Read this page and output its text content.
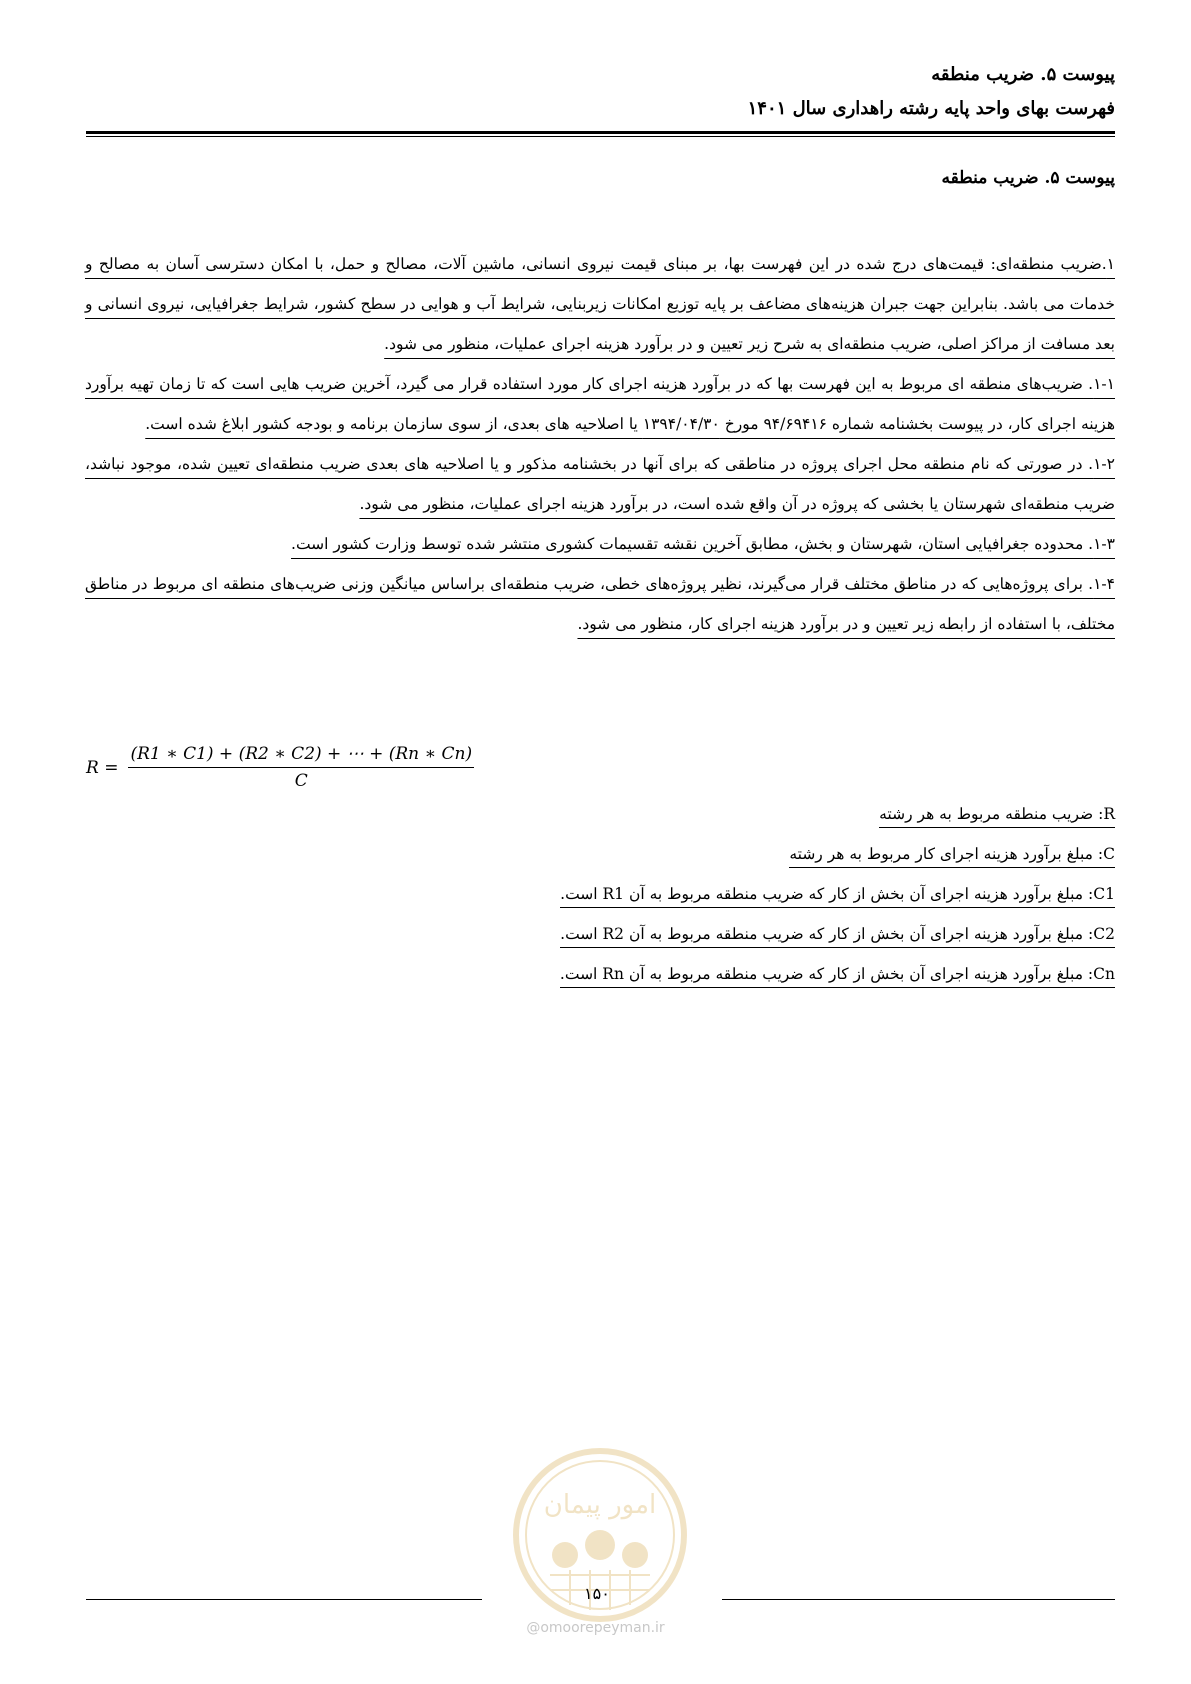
پیوست ۵. ضریب منطقه
فهرست بهای واحد پایه رشته راهداری سال ۱۴۰۱
پیوست ۵. ضریب منطقه

۱.ضریب منطقه‌ای: قیمت‌های درج شده در این فهرست بها، بر مبنای قیمت نیروی انسانی، ماشین آلات، مصالح و حمل، با امکان دسترسی آسان به مصالح و خدمات می باشد. بنابراین جهت جبران هزینه‌های مضاعف بر پایه توزیع امکانات زیربنایی، شرایط آب و هوایی در سطح کشور، شرایط جغرافیایی، نیروی انسانی و بعد مسافت از مراکز اصلی، ضریب منطقه‌ای به شرح زیر تعیین و در برآورد هزینه اجرای عملیات، منظور می شود.

۱-۱. ضریب‌های منطقه ای مربوط به این فهرست بها که در برآورد هزینه اجرای کار مورد استفاده قرار می گیرد، آخرین ضریب هایی است که تا زمان تهیه برآورد هزینه اجرای کار، در پیوست بخشنامه شماره ۹۴/۶۹۴۱۶ مورخ ۱۳۹۴/۰۴/۳۰ یا اصلاحیه های بعدی، از سوی سازمان برنامه و بودجه کشور ابلاغ شده است.

۱-۲. در صورتی که نام منطقه محل اجرای پروژه در مناطقی که برای آنها در بخشنامه مذکور و یا اصلاحیه های بعدی ضریب منطقه‌ای تعیین شده، موجود نباشد، ضریب منطقه‌ای شهرستان یا بخشی که پروژه در آن واقع شده است، در برآورد هزینه اجرای عملیات، منظور می شود.

۱-۳. محدوده جغرافیایی استان، شهرستان و بخش، مطابق آخرین نقشه تقسیمات کشوری منتشر شده توسط وزارت کشور است.

۱-۴. برای پروژه‌هایی که در مناطق مختلف قرار می‌گیرند، نظیر پروژه‌های خطی، ضریب منطقه‌ای براساس میانگین وزنی ضریب‌های منطقه ای مربوط در مناطق مختلف، با استفاده از رابطه زیر تعیین و در برآورد هزینه اجرای کار، منظور می شود.

$R = \frac{(R1 ∗ C1) + (R2 ∗ C2) + \cdots + (Rn ∗ Cn)}{C}$
R: ضریب منطقه مربوط به هر رشته
C: مبلغ برآورد هزینه اجرای کار مربوط به هر رشته
C1: مبلغ برآورد هزینه اجرای آن بخش از کار که ضریب منطقه مربوط به آن R1 است.
C2: مبلغ برآورد هزینه اجرای آن بخش از کار که ضریب منطقه مربوط به آن R2 است.
Cn: مبلغ برآورد هزینه اجرای آن بخش از کار که ضریب منطقه مربوط به آن Rn است.
امور پیمان
۱۵۰
@omoorepeyman.ir
